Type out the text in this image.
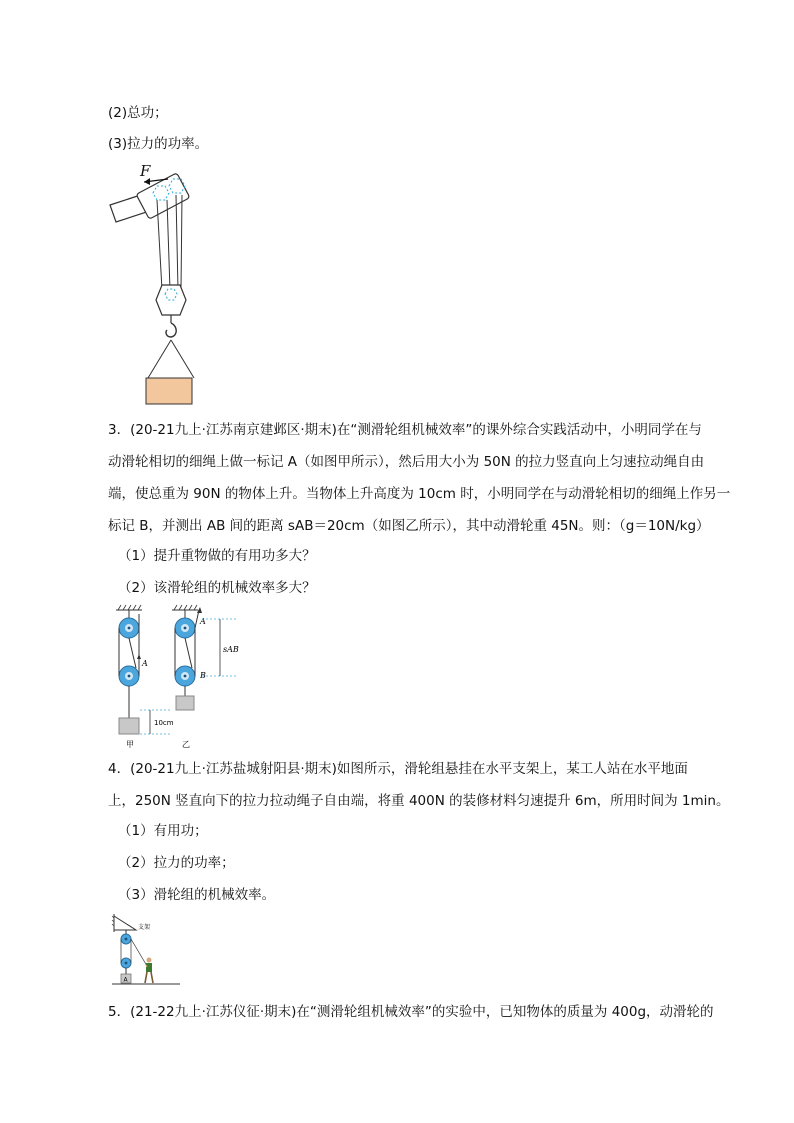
(2)总功；
(3)拉力的功率。
F
3．(20-21九上·江苏南京建邺区·期末)在“测滑轮组机械效率”的课外综合实践活动中，小明同学在与
动滑轮相切的细绳上做一标记 A（如图甲所示），然后用大小为 50N 的拉力竖直向上匀速拉动绳自由
端，使总重为 90N 的物体上升。当物体上升高度为 10cm 时，小明同学在与动滑轮相切的细绳上作另一
标记 B，并测出 AB 间的距离 sAB＝20cm（如图乙所示），其中动滑轮重 45N。则：（g＝10N/kg）
（1）提升重物做的有用功多大？
（2）该滑轮组的机械效率多大？
A
甲
A
B
乙
sAB
10cm
4．(20-21九上·江苏盐城射阳县·期末)如图所示，滑轮组悬挂在水平支架上，某工人站在水平地面
上，250N 竖直向下的拉力拉动绳子自由端，将重 400N 的装修材料匀速提升 6m，所用时间为 1min。
（1）有用功；
（2）拉力的功率；
（3）滑轮组的机械效率。
支架
A
5．(21-22九上·江苏仪征·期末)在“测滑轮组机械效率”的实验中，已知物体的质量为 400g，动滑轮的
